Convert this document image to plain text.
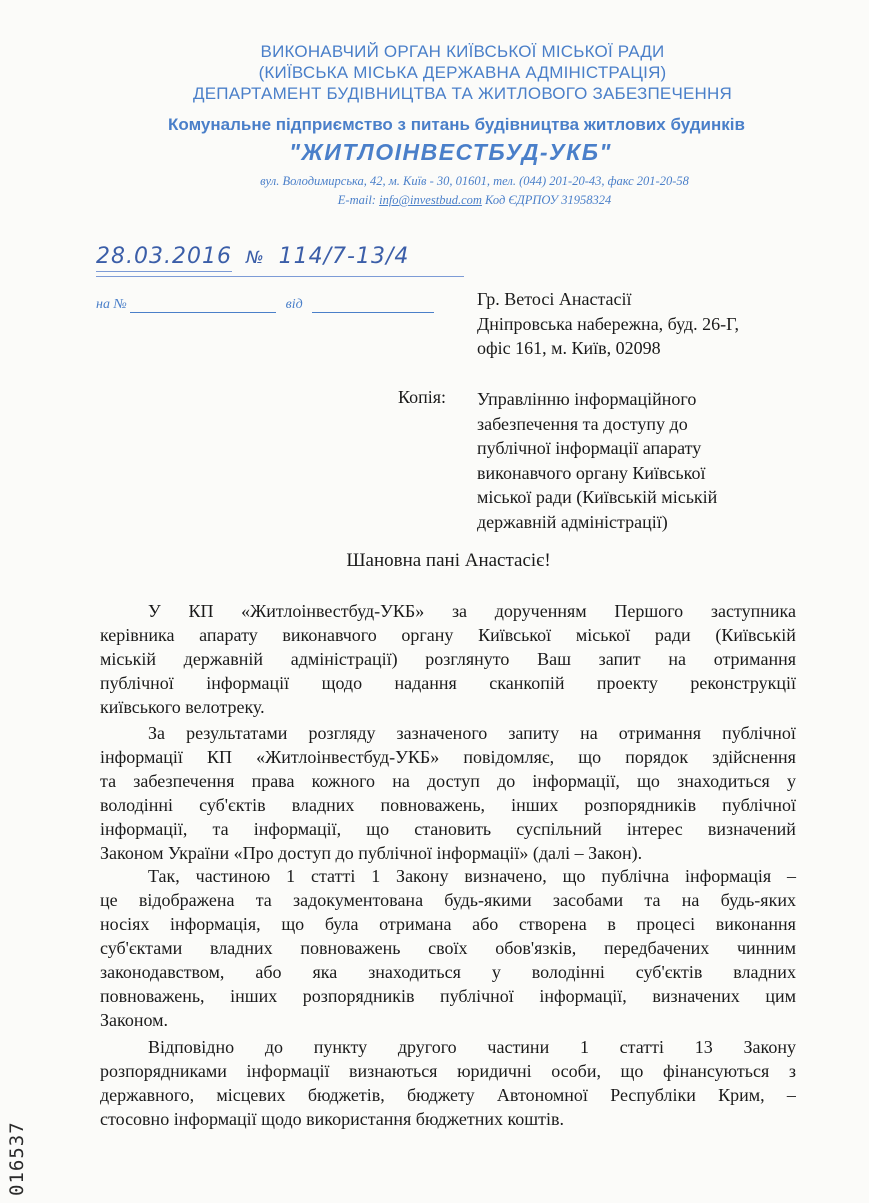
ВИКОНАВЧИЙ ОРГАН КИЇВСЬКОЇ МІСЬКОЇ РАДИ
(КИЇВСЬКА МІСЬКА ДЕРЖАВНА АДМІНІСТРАЦІЯ)
ДЕПАРТАМЕНТ БУДІВНИЦТВА ТА ЖИТЛОВОГО ЗАБЕЗПЕЧЕННЯ
Комунальне підприємство з питань будівництва житлових будинків
"ЖИТЛОІНВЕСТБУД-УКБ"
вул. Володимирська, 42, м. Київ - 30, 01601, тел. (044) 201-20-43, факс 201-20-58
E-mail: info@investbud.com Код ЄДРПОУ 31958324
28.03.2016 № 114/7-13/4
на №	від	Гр. Ветосі Анастасії
Дніпровська набережна, буд. 26-Г,
офіс 161, м. Київ, 02098
Копія: Управлінню інформаційного
забезпечення та доступу до
публічної інформації апарату
виконавчого органу Київської
міської ради (Київській міській
державній адміністрації)
Шановна пані Анастасіє!
У КП «Житлоінвестбуд-УКБ» за дорученням Першого заступника
керівника апарату виконавчого органу Київської міської ради (Київській
міській державній адміністрації) розглянуто Ваш запит на отримання
публічної інформації щодо надання сканкопій проекту реконструкції
київського велотреку.
За результатами розгляду зазначеного запиту на отримання публічної
інформації КП «Житлоінвестбуд-УКБ» повідомляє, що порядок здійснення
та забезпечення права кожного на доступ до інформації, що знаходиться у
володінні суб'єктів владних повноважень, інших розпорядників публічної
інформації, та інформації, що становить суспільний інтерес визначений
Законом України «Про доступ до публічної інформації» (далі – Закон).
Так, частиною 1 статті 1 Закону визначено, що публічна інформація –
це відображена та задокументована будь-якими засобами та на будь-яких
носіях інформація, що була отримана або створена в процесі виконання
суб'єктами владних повноважень своїх обов'язків, передбачених чинним
законодавством, або яка знаходиться у володінні суб'єктів владних
повноважень, інших розпорядників публічної інформації, визначених цим
Законом.
Відповідно до пункту другого частини 1 статті 13 Закону
розпорядниками інформації визнаються юридичні особи, що фінансуються з
державного, місцевих бюджетів, бюджету Автономної Республіки Крим, –
стосовно інформації щодо використання бюджетних коштів.
016537
